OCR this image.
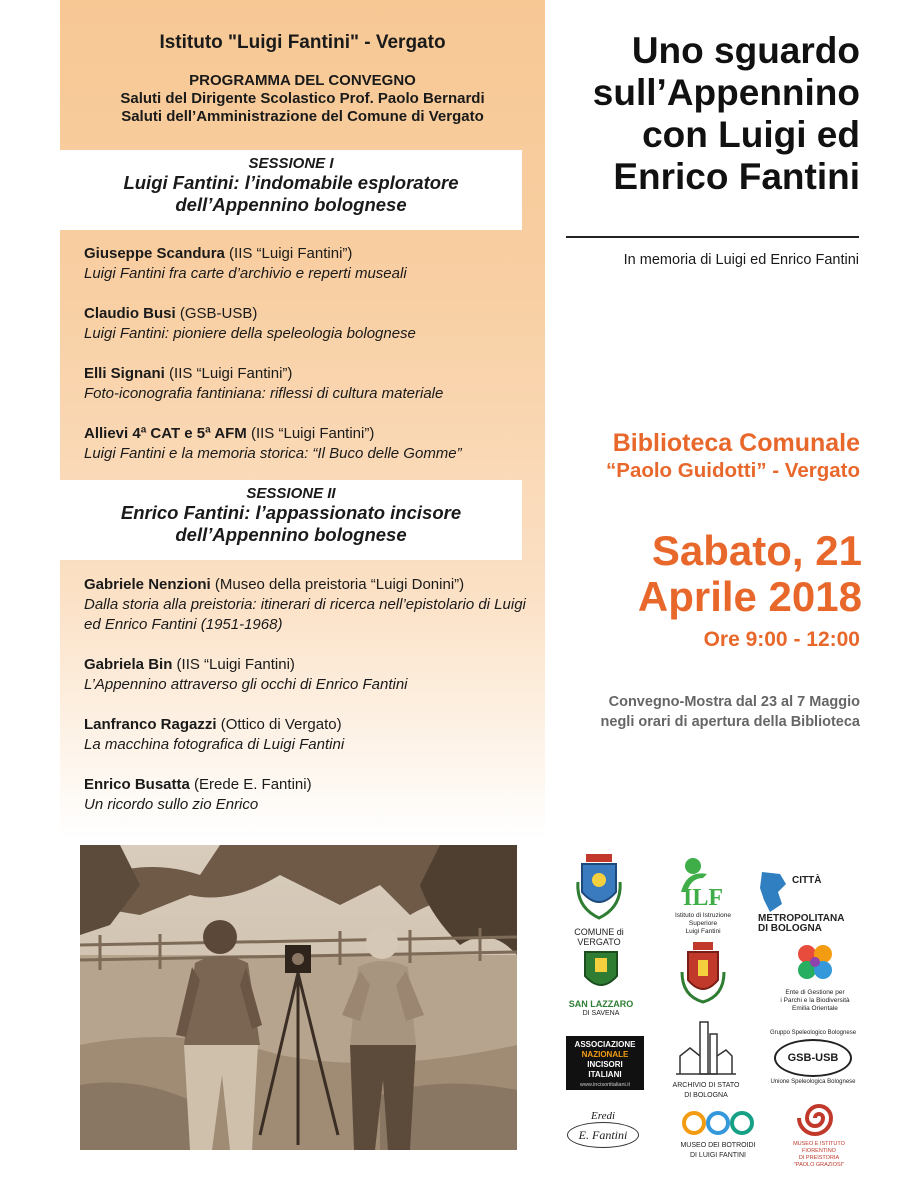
Istituto "Luigi Fantini" - Vergato
PROGRAMMA DEL CONVEGNO
Saluti del Dirigente Scolastico Prof. Paolo Bernardi
Saluti dell’Amministrazione del Comune di Vergato
SESSIONE I
Luigi Fantini: l’indomabile esploratore
dell’Appennino bolognese
Giuseppe Scandura (IIS “Luigi Fantini”)
Luigi Fantini fra carte d’archivio e reperti museali
Claudio Busi (GSB-USB)
Luigi Fantini: pioniere della speleologia bolognese
Elli Signani (IIS “Luigi Fantini”)
Foto-iconografia fantiniana: riflessi di cultura materiale
Allievi 4ª CAT e 5ª AFM (IIS “Luigi Fantini”)
Luigi Fantini e la memoria storica: “Il Buco delle Gomme”
SESSIONE II
Enrico Fantini: l’appassionato incisore
dell’Appennino bolognese
Gabriele Nenzioni (Museo della preistoria “Luigi Donini”)
Dalla storia alla preistoria: itinerari di ricerca nell’epistolario di Luigi ed Enrico Fantini (1951-1968)
Gabriela Bin (IIS “Luigi Fantini)
L’Appennino attraverso gli occhi di Enrico Fantini
Lanfranco Ragazzi (Ottico di Vergato)
La macchina fotografica di Luigi Fantini
Enrico Busatta (Erede E. Fantini)
Un ricordo sullo zio Enrico
Uno sguardo
sull’Appennino
con Luigi ed
Enrico Fantini
In memoria di Luigi ed Enrico Fantini
Biblioteca Comunale
“Paolo Guidotti” - Vergato
Sabato, 21
Aprile 2018
Ore 9:00 - 12:00
Convegno-Mostra dal 23 al 7 Maggio
negli orari di apertura della Biblioteca
COMUNE di
VERGATO
ILF
Istituto di Istruzione Superiore
Luigi Fantini
CITTÀ
METROPOLITANA
DI BOLOGNA
SAN LAZZARO
DI SAVENA
Ente di Gestione per
i Parchi e la Biodiversità
Emilia Orientale
ASSOCIAZIONE
NAZIONALE
INCISORI
ITALIANI
www.incisoriitaliani.it	ARCHIVIO DI STATO
DI BOLOGNA
Gruppo Speleologico Bolognese
GSB-USB
Unione Speleologica Bolognese
Eredi
E. Fantini
MUSEO DEI BOTROIDI
DI LUIGI FANTINI
MUSEO E ISTITUTO FIORENTINO
DI PREISTORIA
"PAOLO GRAZIOSI"
